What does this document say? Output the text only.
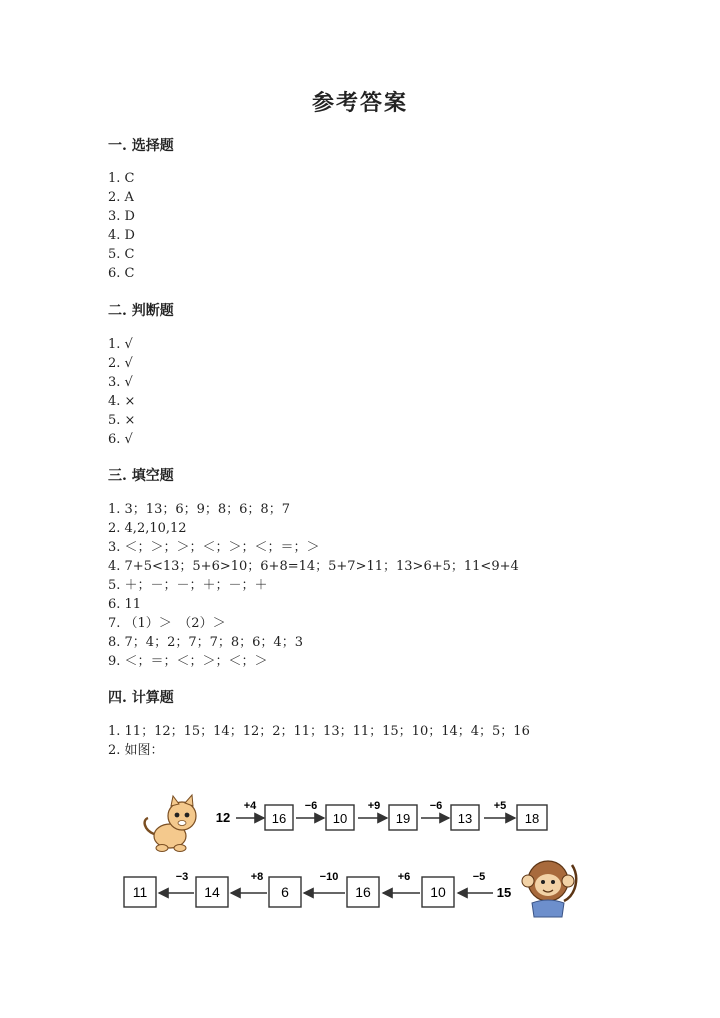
参考答案
一. 选择题
1. C
2. A
3. D
4. D
5. C
6. C
二. 判断题
1. √
2. √
3. √
4. ×
5. ×
6. √
三. 填空题
1. 3；13；6；9；8；6；8；7
2. 4,2,10,12
3. ＜；＞；＞；＜；＞；＜；＝；＞
4. 7+5<13；5+6>10；6+8=14；5+7>11；13>6+5；11<9+4
5. ＋；－；－；＋；－；＋
6. 11
7. （1）＞　（2）＞
8. 7；4；2；7；7；8；6；4；3
9. ＜；＝；＜；＞；＜；＞
四. 计算题
1. 11；12；15；14；12；2；11；13；11；15；10；14；4；5；16
2. 如图：
12
+4
16
−6
10
+9
19
−6
13
+5
18
15
−5
10
+6
16
−10
6
+8
14
−3
11
